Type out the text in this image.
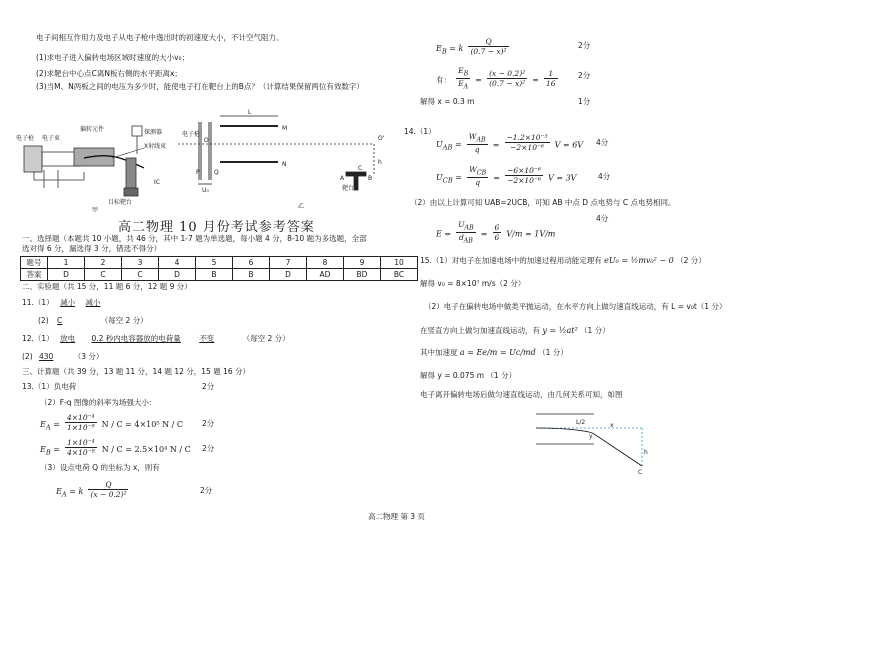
电子间相互作用力及电子从电子枪中逸出时的初速度大小，不计空气阻力。
(1)求电子进入偏转电场区域时速度的大小v₀；
(2)求靶台中心点C离N板右侧的水平距离x；
(3)当M、N两板之间的电压为多少时，能使电子打在靶台上的B点？（计算结果保留两位有效数字）
电子枪 电子束
偏转元件	探测器
X射线束
IC
目标靶台
甲
电子枪
O	O'
L
M
N
P Q
U₀
h
A	B
C
靶台
乙
高二物理 10 月份考试参考答案
一、选择题（本题共 10 小题，共 46 分，其中 1-7 题为单选题，每小题 4 分，8-10 题为多选题，全部选对得 6 分，漏选得 3 分，错选不得分）
题号	1	2	3	4	5	6	7	8	9	10
答案	D	C	C	D	B	B	D	AD	BD	BC
二、实验题（共 15 分，11 题 6 分，12 题 9 分）
11.（1） 减小 减小
(2) C	（每空 2 分）
12.（1） 放电 0.2 秒内电容器放的电荷量 不变	（每空 2 分）
(2) 430	（3 分）
三、计算题（共 39 分，13 题 11 分，14 题 12 分，15 题 16 分）
13.（1）负电荷	2分
（2）F-q 图像的斜率为场强大小：
$E_A = \frac{\text{4×10⁻⁴}}{\text{1×10⁻⁹}}$ N / C = 4×10⁵ N / C	2分
$E_B = \frac{\text{1×10⁻⁴}}{\text{4×10⁻⁹}}$ N / C = 2.5×10⁴ N / C 2分
（3）设点电荷 Q 的坐标为 x，则有
$E_A = k \frac{Q}{\text{(x − 0.2)²}}$	2分
$E_B = k \frac{Q}{\text{(0.7 − x)²}}$	2分
有： $\frac{E_B}{E_A} = \frac{\text{(x − 0.2)²}}{\text{(0.7 − x)²}} = \frac{1}{16}$	2分
解得 x = 0.3 m	1分
14.（1）
$U_{AB} = \frac{W_{AB}}{q} = \frac{\text{−1.2×10⁻⁵}}{\text{−2×10⁻⁶}}$ V = 6V 4分
$U_{CB} = \frac{W_{CB}}{q} = \frac{\text{−6×10⁻⁶}}{\text{−2×10⁻⁶}}$ V = 3V	4分
（2）由以上计算可知 UAB=2UCB，可知 AB 中点 D 点电势与 C 点电势相同。
4分
$E = \frac{U_{AB}}{d_{AB}} = \frac{6}{6} V/m = 1V/m$
15.（1）对电子在加速电场中的加速过程用动能定理有 eU₀ = ½mv₀² − 0 （2 分）
解得 v₀ = 8×10⁷ m/s（2 分）
（2）电子在偏转电场中做类平抛运动，在水平方向上做匀速直线运动，有 L = v₀t（1 分）
在竖直方向上做匀加速直线运动，有 y = ½at² （1 分）
其中加速度 a = Ee/m = Uc/md （1 分）
解得 y = 0.075 m （1 分）
电子离开偏转电场后做匀速直线运动，由几何关系可知，如图
L/2
y
x
h
C
高二物理 第 3 页
